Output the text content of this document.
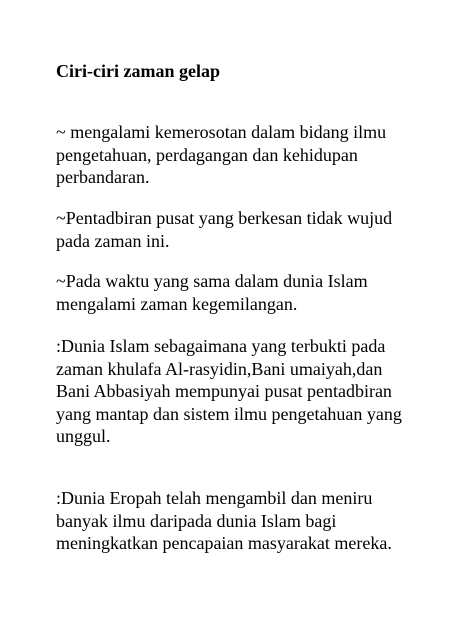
Ciri-ciri zaman gelap

~ mengalami kemerosotan dalam bidang ilmu
pengetahuan, perdagangan dan kehidupan
perbandaran.

~Pentadbiran pusat yang berkesan tidak wujud
pada zaman ini.

~Pada waktu yang sama dalam dunia Islam
mengalami zaman kegemilangan.

:Dunia Islam sebagaimana yang terbukti pada
zaman khulafa Al-rasyidin,Bani umaiyah,dan
Bani Abbasiyah mempunyai pusat pentadbiran
yang mantap dan sistem ilmu pengetahuan yang
unggul.

:Dunia Eropah telah mengambil dan meniru
banyak ilmu daripada dunia Islam bagi
meningkatkan pencapaian masyarakat mereka.
